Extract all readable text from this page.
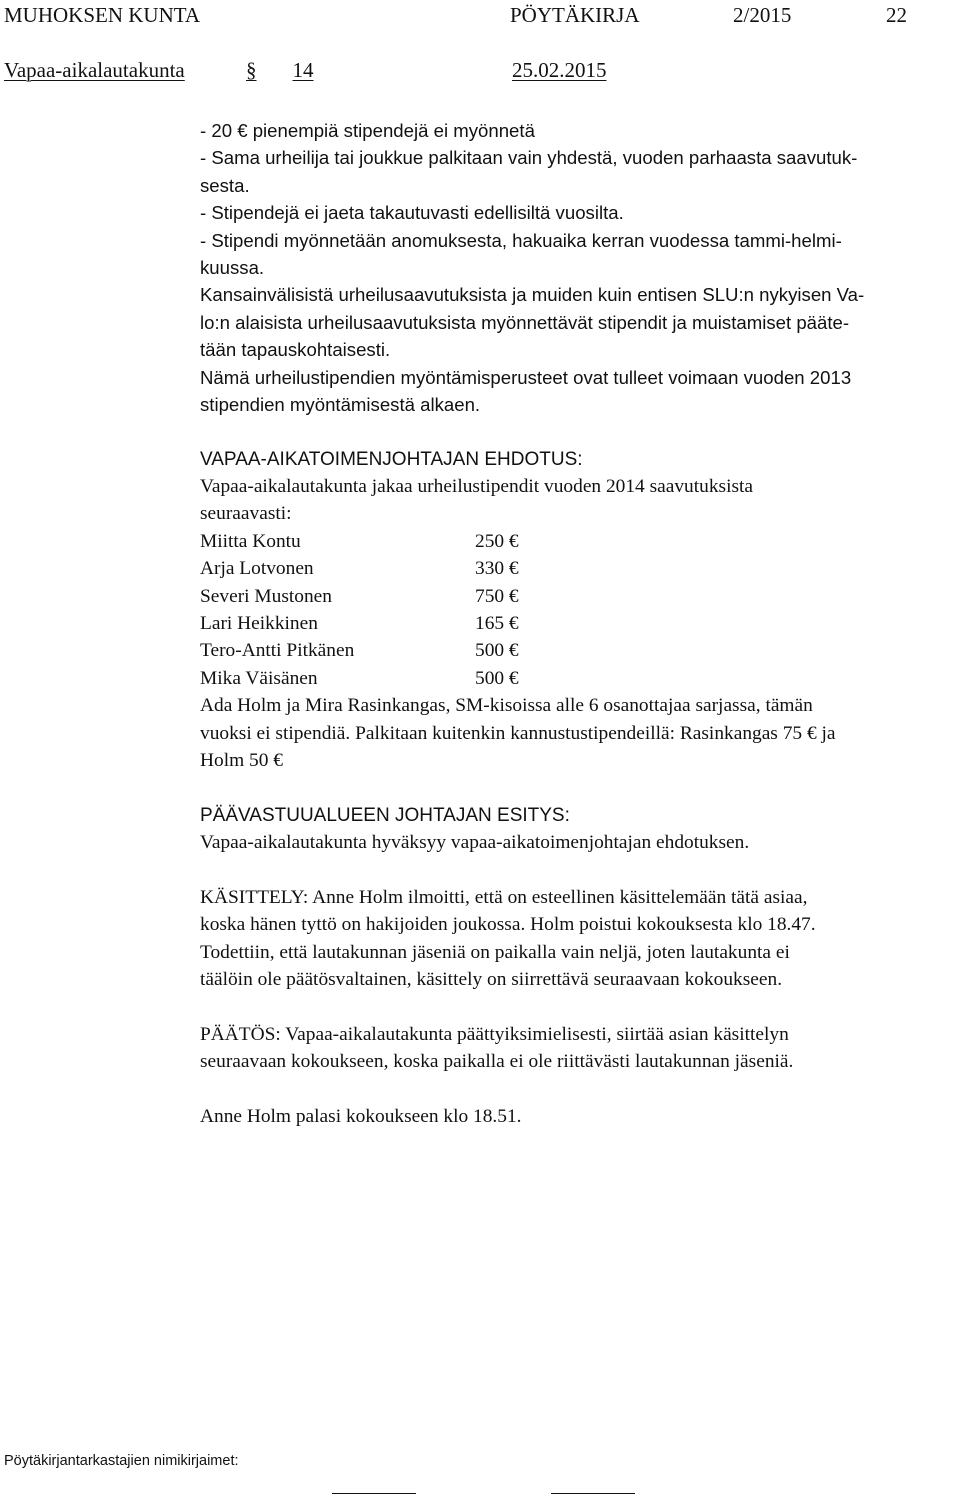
MUHOKSEN KUNTA	PÖYTÄKIRJA	2/2015	22
Vapaa-aikalautakunta	§ 14	25.02.2015
- 20 € pienempiä stipendejä ei myönnetä
- Sama urheilija tai joukkue palkitaan vain yhdestä, vuoden parhaasta saavutuk-
sesta.
- Stipendejä ei jaeta takautuvasti edellisiltä vuosilta.
- Stipendi myönnetään anomuksesta, hakuaika kerran vuodessa tammi-helmi-
kuussa.
Kansainvälisistä urheilusaavutuksista ja muiden kuin entisen SLU:n nykyisen Va-
lo:n alaisista urheilusaavutuksista myönnettävät stipendit ja muistamiset pääte-
tään tapauskohtaisesti.
Nämä urheilustipendien myöntämisperusteet ovat tulleet voimaan vuoden 2013
stipendien myöntämisestä alkaen.
VAPAA-AIKATOIMENJOHTAJAN EHDOTUS:
Vapaa-aikalautakunta jakaa urheilustipendit vuoden 2014 saavutuksista
seuraavasti:
Miitta Kontu	250 €
Arja Lotvonen	330 €
Severi Mustonen	750 €
Lari Heikkinen	165 €
Tero-Antti Pitkänen	500 €
Mika Väisänen	500 €
Ada Holm ja Mira Rasinkangas, SM-kisoissa alle 6 osanottajaa sarjassa, tämän
vuoksi ei stipendiä. Palkitaan kuitenkin kannustustipendeillä: Rasinkangas 75 € ja
Holm 50 €
PÄÄVASTUUALUEEN JOHTAJAN ESITYS:
Vapaa-aikalautakunta hyväksyy vapaa-aikatoimenjohtajan ehdotuksen.
KÄSITTELY: Anne Holm ilmoitti, että on esteellinen käsittelemään tätä asiaa,
koska hänen tyttö on hakijoiden joukossa. Holm poistui kokouksesta klo 18.47.
Todettiin, että lautakunnan jäseniä on paikalla vain neljä, joten lautakunta ei
täälöin ole päätösvaltainen, käsittely on siirrettävä seuraavaan kokoukseen.
PÄÄTÖS: Vapaa-aikalautakunta päättyiksimielisesti, siirtää asian käsittelyn
seuraavaan kokoukseen, koska paikalla ei ole riittävästi lautakunnan jäseniä.
Anne Holm palasi kokoukseen klo 18.51.
Pöytäkirjantarkastajien nimikirjaimet:
